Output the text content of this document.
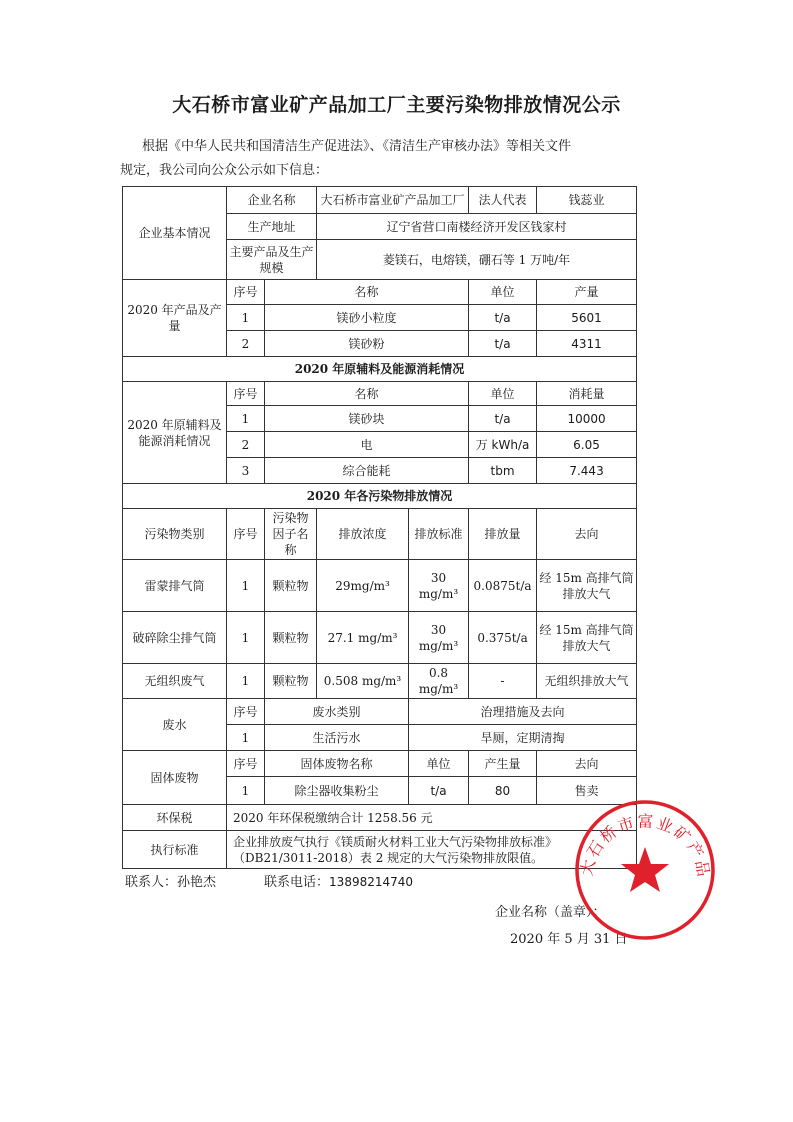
大石桥市富业矿产品加工厂主要污染物排放情况公示

根据《中华人民共和国清洁生产促进法》、《清洁生产审核办法》等相关文件

规定，我公司向公众公示如下信息：

企业基本情况	企业名称		大石桥市富业矿产品加工厂		法人代表	钱蕊业
	生产地址		辽宁省营口南楼经济开发区钱家村			
	主要产品及生产规模		菱镁石，电熔镁，硼石等 1 万吨/年			
2020 年产品及产量	序号	名称			单位	产量
	1	镁砂小粒度			t/a	5601
	2	镁砂粉			t/a	4311
2020 年原辅料及能源消耗情况						
2020 年原辅料及能源消耗情况	序号	名称			单位	消耗量
	1	镁砂块			t/a	10000
	2	电			万 kWh/a	6.05
	3	综合能耗			tbm	7.443
2020 年各污染物排放情况						
污染物类别	序号	污染物因子名称	排放浓度	排放标准	排放量	去向
雷蒙排气筒	1	颗粒物	29mg/m³	30 mg/m³	0.0875t/a	经 15m 高排气筒排放大气
破碎除尘排气筒	1	颗粒物	27.1 mg/m³	30 mg/m³	0.375t/a	经 15m 高排气筒排放大气
无组织废气	1	颗粒物	0.508 mg/m³	0.8 mg/m³	-	无组织排放大气
废水	序号	废水类别		治理措施及去向		
	1	生活污水		旱厕，定期清掏		
固体废物	序号	固体废物名称		单位	产生量	去向
	1	除尘器收集粉尘		t/a	80	售卖
环保税	2020 年环保税缴纳合计 1258.56 元					
执行标准	企业排放废气执行《镁质耐火材料工业大气污染物排放标准》（DB21/3011-2018）表 2 规定的大气污染物排放限值。					
联系人：孙艳杰	联系电话：13898214740
企业名称（盖章）：
2020 年 5 月 31 日
大石桥市富业矿产品
